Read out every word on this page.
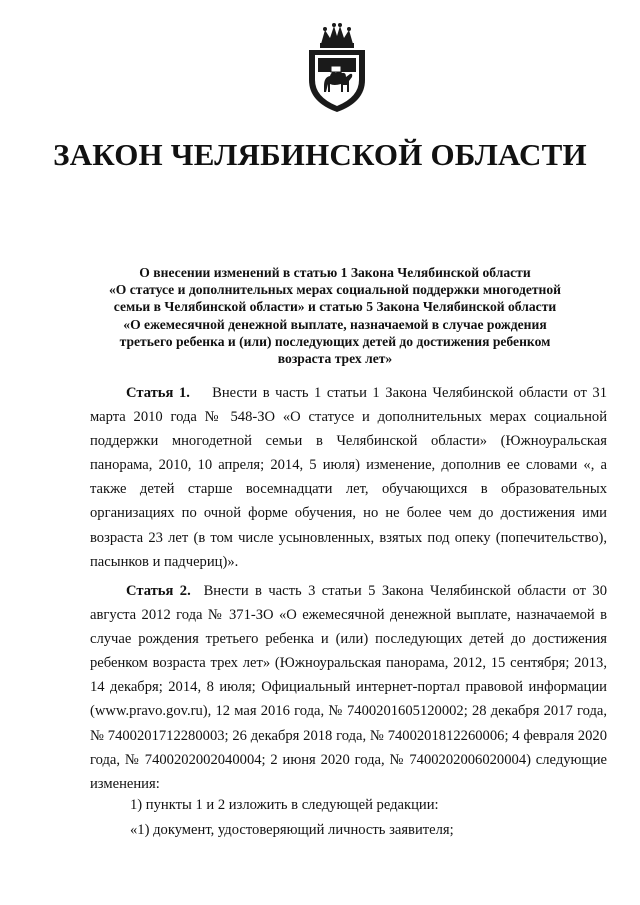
ЗАКОН ЧЕЛЯБИНСКОЙ ОБЛАСТИ
О внесении изменений в статью 1 Закона Челябинской области
«О статусе и дополнительных мерах социальной поддержки многодетной
семьи в Челябинской области» и статью 5 Закона Челябинской области
«О ежемесячной денежной выплате, назначаемой в случае рождения
третьего ребенка и (или) последующих детей до достижения ребенком
возраста трех лет»
Статья 1. Внести в часть 1 статьи 1 Закона Челябинской области от 31 марта 2010 года № 548-ЗО «О статусе и дополнительных мерах социальной поддержки многодетной семьи в Челябинской области» (Южноуральская панорама, 2010, 10 апреля; 2014, 5 июля) изменение, дополнив ее словами «, а также детей старше восемнадцати лет, обучающихся в образовательных организациях по очной форме обучения, но не более чем до достижения ими возраста 23 лет (в том числе усыновленных, взятых под опеку (попечительство), пасынков и падчериц)».
Статья 2. Внести в часть 3 статьи 5 Закона Челябинской области от 30 августа 2012 года № 371-ЗО «О ежемесячной денежной выплате, назначаемой в случае рождения третьего ребенка и (или) последующих детей до достижения ребенком возраста трех лет» (Южноуральская панорама, 2012, 15 сентября; 2013, 14 декабря; 2014, 8 июля; Официальный интернет-портал правовой информации (www.pravo.gov.ru), 12 мая 2016 года, № 7400201605120002; 28 декабря 2017 года, № 7400201712280003; 26 декабря 2018 года, № 7400201812260006; 4 февраля 2020 года, № 7400202002040004; 2 июня 2020 года, № 7400202006020004) следующие изменения:
1) пункты 1 и 2 изложить в следующей редакции:
«1) документ, удостоверяющий личность заявителя;
